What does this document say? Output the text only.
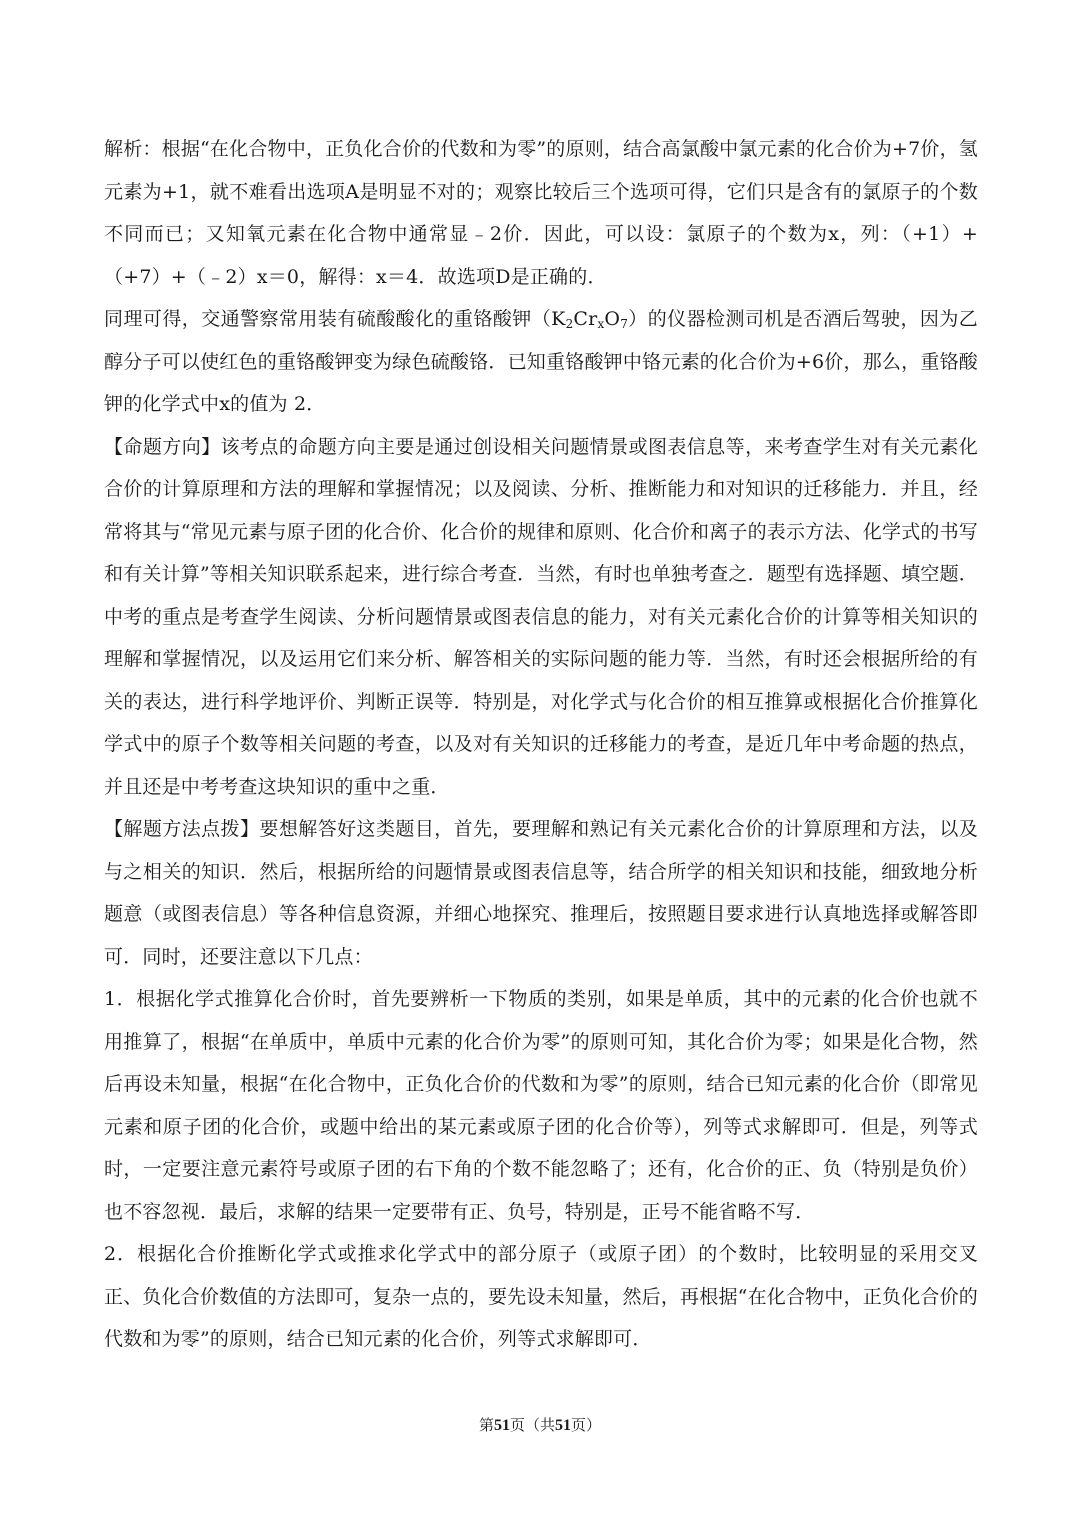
解析：根据“在化合物中，正负化合价的代数和为零”的原则，结合高氯酸中氯元素的化合价为+7价，氢元素为+1，就不难看出选项A是明显不对的；观察比较后三个选项可得，它们只是含有的氯原子的个数不同而已；又知氧元素在化合物中通常显﹣2价．因此，可以设：氯原子的个数为x，列：（+1）+（+7）+（﹣2）x＝0，解得：x＝4．故选项D是正确的．

同理可得，交通警察常用装有硫酸酸化的重铬酸钾$(K_2Cr_xO_7)$的仪器检测司机是否酒后驾驶，因为乙醇分子可以使红色的重铬酸钾变为绿色硫酸铬．已知重铬酸钾中铬元素的化合价为+6价，那么，重铬酸钾的化学式中x的值为 2．

【命题方向】该考点的命题方向主要是通过创设相关问题情景或图表信息等，来考查学生对有关元素化合价的计算原理和方法的理解和掌握情况；以及阅读、分析、推断能力和对知识的迁移能力．并且，经常将其与“常见元素与原子团的化合价、化合价的规律和原则、化合价和离子的表示方法、化学式的书写和有关计算”等相关知识联系起来，进行综合考查．当然，有时也单独考查之．题型有选择题、填空题．中考的重点是考查学生阅读、分析问题情景或图表信息的能力，对有关元素化合价的计算等相关知识的理解和掌握情况，以及运用它们来分析、解答相关的实际问题的能力等．当然，有时还会根据所给的有关的表达，进行科学地评价、判断正误等．特别是，对化学式与化合价的相互推算或根据化合价推算化学式中的原子个数等相关问题的考查，以及对有关知识的迁移能力的考查，是近几年中考命题的热点，并且还是中考考查这块知识的重中之重．

【解题方法点拨】要想解答好这类题目，首先，要理解和熟记有关元素化合价的计算原理和方法，以及与之相关的知识．然后，根据所给的问题情景或图表信息等，结合所学的相关知识和技能，细致地分析题意（或图表信息）等各种信息资源，并细心地探究、推理后，按照题目要求进行认真地选择或解答即可．同时，还要注意以下几点：

1．根据化学式推算化合价时，首先要辨析一下物质的类别，如果是单质，其中的元素的化合价也就不用推算了，根据“在单质中，单质中元素的化合价为零”的原则可知，其化合价为零；如果是化合物，然后再设未知量，根据“在化合物中，正负化合价的代数和为零”的原则，结合已知元素的化合价（即常见元素和原子团的化合价，或题中给出的某元素或原子团的化合价等），列等式求解即可．但是，列等式时，一定要注意元素符号或原子团的右下角的个数不能忽略了；还有，化合价的正、负（特别是负价）也不容忽视．最后，求解的结果一定要带有正、负号，特别是，正号不能省略不写．

2．根据化合价推断化学式或推求化学式中的部分原子（或原子团）的个数时，比较明显的采用交叉正、负化合价数值的方法即可，复杂一点的，要先设未知量，然后，再根据“在化合物中，正负化合价的代数和为零”的原则，结合已知元素的化合价，列等式求解即可．

第51页（共51页）
